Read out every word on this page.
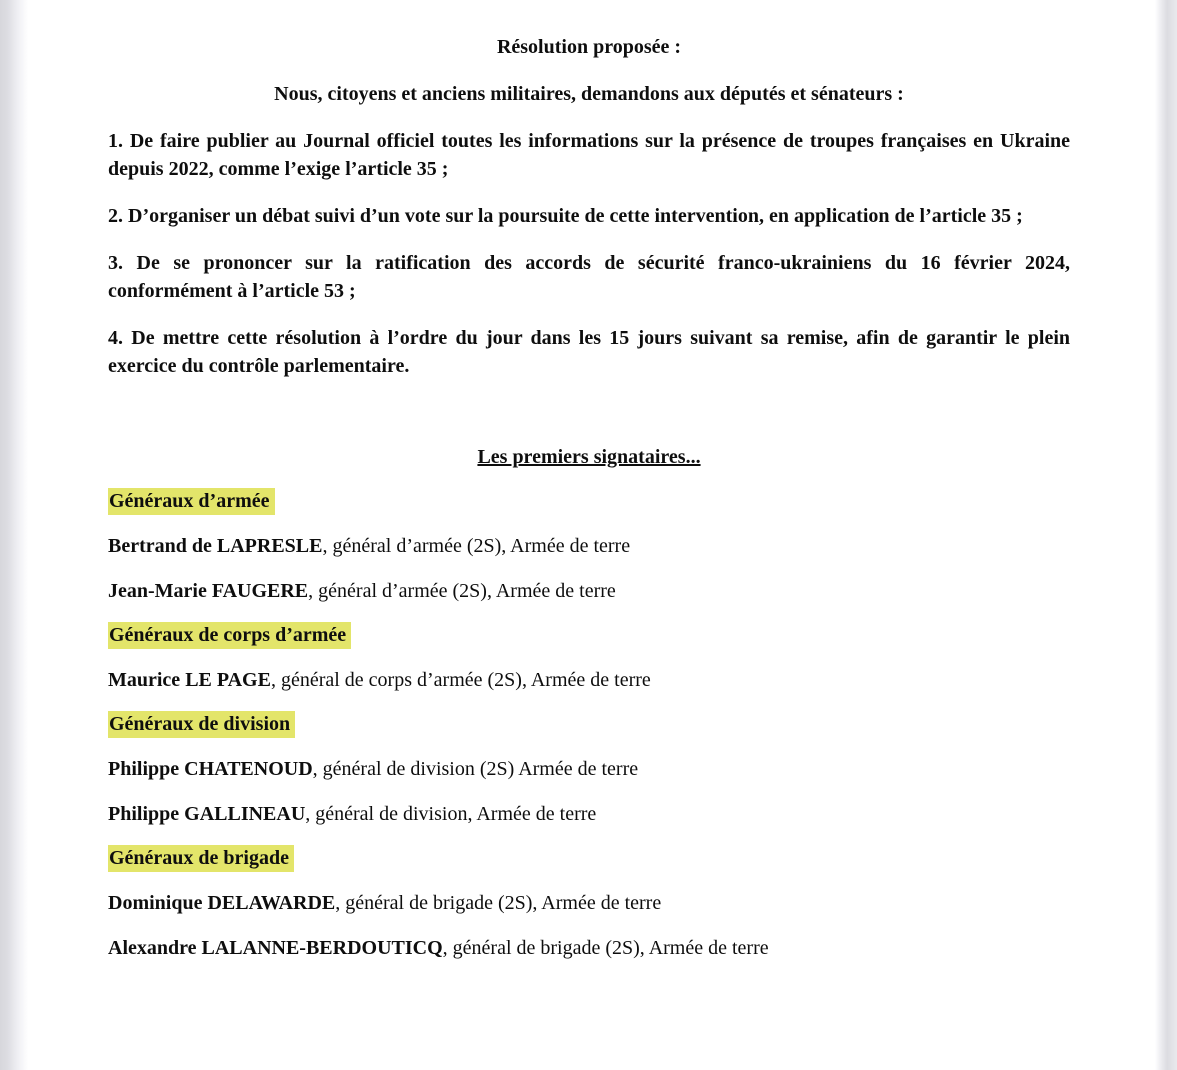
Résolution proposée :

Nous, citoyens et anciens militaires, demandons aux députés et sénateurs :

1. De faire publier au Journal officiel toutes les informations sur la présence de troupes françaises en Ukraine depuis 2022, comme l’exige l’article 35 ;

2. D’organiser un débat suivi d’un vote sur la poursuite de cette intervention, en application de l’article 35 ;

3. De se prononcer sur la ratification des accords de sécurité franco-ukrainiens du 16 février 2024, conformément à l’article 53 ;

4. De mettre cette résolution à l’ordre du jour dans les 15 jours suivant sa remise, afin de garantir le plein exercice du contrôle parlementaire.

Les premiers signataires...

Généraux d’armée

Bertrand de LAPRESLE, général d’armée (2S), Armée de terre

Jean-Marie FAUGERE, général d’armée (2S), Armée de terre

Généraux de corps d’armée

Maurice LE PAGE, général de corps d’armée (2S), Armée de terre

Généraux de division

Philippe CHATENOUD, général de division (2S) Armée de terre

Philippe GALLINEAU, général de division, Armée de terre

Généraux de brigade

Dominique DELAWARDE, général de brigade (2S), Armée de terre

Alexandre LALANNE-BERDOUTICQ, général de brigade (2S), Armée de terre
